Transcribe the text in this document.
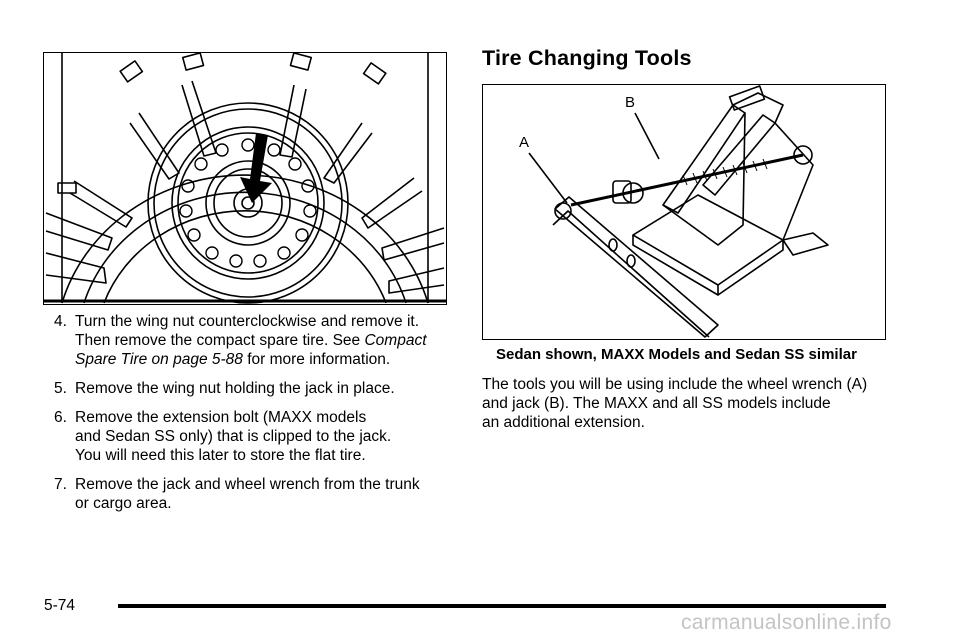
4. Turn the wing nut counterclockwise and remove it.
Then remove the compact spare tire. See Compact
Spare Tire on page 5-88 for more information.
5. Remove the wing nut holding the jack in place.
6. Remove the extension bolt (MAXX models
and Sedan SS only) that is clipped to the jack.
You will need this later to store the flat tire.
7. Remove the jack and wheel wrench from the trunk
or cargo area.
Tire Changing Tools
A
B
Sedan shown, MAXX Models and Sedan SS similar
The tools you will be using include the wheel wrench (A)
and jack (B). The MAXX and all SS models include
an additional extension.
5-74
carmanualsonline.info
